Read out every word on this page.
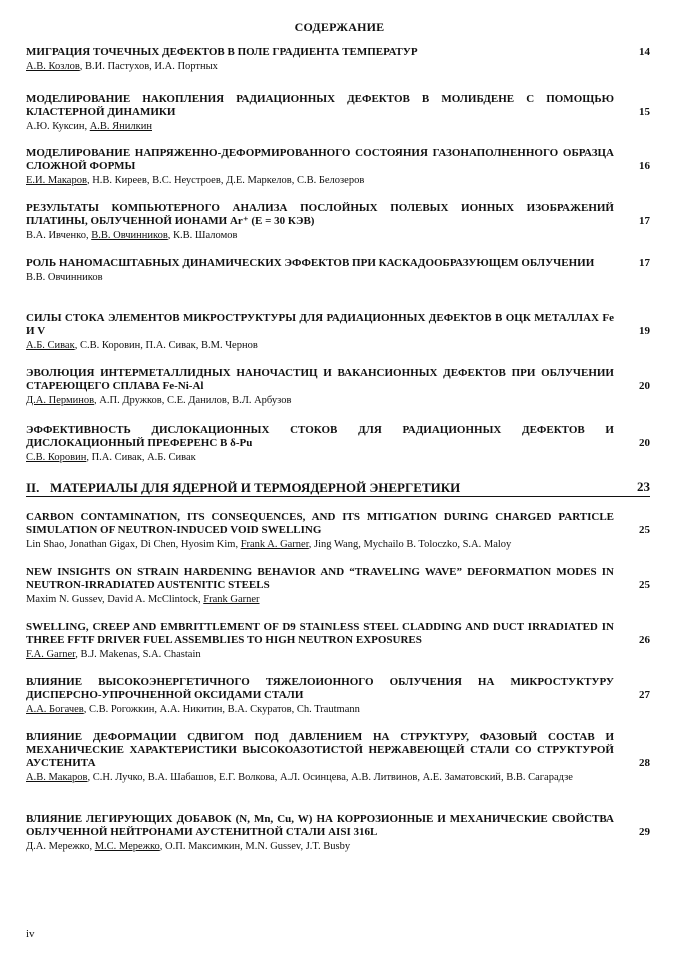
СОДЕРЖАНИЕ
МИГРАЦИЯ ТОЧЕЧНЫХ ДЕФЕКТОВ В ПОЛЕ ГРАДИЕНТА ТЕМПЕРАТУР	14
А.В. Козлов, В.И. Пастухов, И.А. Портных
МОДЕЛИРОВАНИЕ НАКОПЛЕНИЯ РАДИАЦИОННЫХ ДЕФЕКТОВ В МОЛИБДЕНЕ С ПОМОЩЬЮ КЛАСТЕРНОЙ ДИНАМИКИ	15
А.Ю. Куксин, А.В. Янилкин
МОДЕЛИРОВАНИЕ НАПРЯЖЕННО-ДЕФОРМИРОВАННОГО СОСТОЯНИЯ ГАЗОНАПОЛНЕННОГО ОБРАЗЦА СЛОЖНОЙ ФОРМЫ	16
Е.И. Макаров, Н.В. Киреев, В.С. Неустроев, Д.Е. Маркелов, С.В. Белозеров
РЕЗУЛЬТАТЫ КОМПЬЮТЕРНОГО АНАЛИЗА ПОСЛОЙНЫХ ПОЛЕВЫХ ИОННЫХ ИЗОБРАЖЕНИЙ ПЛАТИНЫ, ОБЛУЧЕННОЙ ИОНАМИ Ar⁺ (E = 30 КЭВ)	17
В.А. Ивченко, В.В. Овчинников, К.В. Шаломов
РОЛЬ НАНОМАСШТАБНЫХ ДИНАМИЧЕСКИХ ЭФФЕКТОВ ПРИ КАСКАДООБРАЗУЮЩЕМ ОБЛУЧЕНИИ	17
В.В. Овчинников
СИЛЫ СТОКА ЭЛЕМЕНТОВ МИКРОСТРУКТУРЫ ДЛЯ РАДИАЦИОННЫХ ДЕФЕКТОВ В ОЦК МЕТАЛЛАХ Fe И V	19
А.Б. Сивак, С.В. Коровин, П.А. Сивак, В.М. Чернов
ЭВОЛЮЦИЯ ИНТЕРМЕТАЛЛИДНЫХ НАНОЧАСТИЦ И ВАКАНСИОННЫХ ДЕФЕКТОВ ПРИ ОБЛУЧЕНИИ СТАРЕЮЩЕГО СПЛАВА Fe-Ni-Al	20
Д.А. Перминов, А.П. Дружков, С.Е. Данилов, В.Л. Арбузов
ЭФФЕКТИВНОСТЬ ДИСЛОКАЦИОННЫХ СТОКОВ ДЛЯ РАДИАЦИОННЫХ ДЕФЕКТОВ И ДИСЛОКАЦИОННЫЙ ПРЕФЕРЕНС В δ-Pu	20
С.В. Коровин, П.А. Сивак, А.Б. Сивак
II. МАТЕРИАЛЫ ДЛЯ ЯДЕРНОЙ И ТЕРМОЯДЕРНОЙ ЭНЕРГЕТИКИ	23
CARBON CONTAMINATION, ITS CONSEQUENCES, AND ITS MITIGATION DURING CHARGED PARTICLE SIMULATION OF NEUTRON-INDUCED VOID SWELLING	25
Lin Shao, Jonathan Gigax, Di Chen, Hyosim Kim, Frank A. Garner, Jing Wang, Mychailo B. Toloczko, S.A. Maloy
NEW INSIGHTS ON STRAIN HARDENING BEHAVIOR AND “TRAVELING WAVE” DEFORMATION MODES IN NEUTRON-IRRADIATED AUSTENITIC STEELS	25
Maxim N. Gussev, David A. McClintock, Frank Garner
SWELLING, CREEP AND EMBRITTLEMENT OF D9 STAINLESS STEEL CLADDING AND DUCT IRRADIATED IN THREE FFTF DRIVER FUEL ASSEMBLIES TO HIGH NEUTRON EXPOSURES	26
F.A. Garner, B.J. Makenas, S.A. Chastain
ВЛИЯНИЕ ВЫСОКОЭНЕРГЕТИЧНОГО ТЯЖЕЛОИОННОГО ОБЛУЧЕНИЯ НА МИКРОСТУКТУРУ ДИСПЕРСНО-УПРОЧНЕННОЙ ОКСИДАМИ СТАЛИ	27
А.А. Богачев, С.В. Рогожкин, А.А. Никитин, В.А. Скуратов, Ch. Trautmann
ВЛИЯНИЕ ДЕФОРМАЦИИ СДВИГОМ ПОД ДАВЛЕНИЕМ НА СТРУКТУРУ, ФАЗОВЫЙ СОСТАВ И МЕХАНИЧЕСКИЕ ХАРАКТЕРИСТИКИ ВЫСОКОАЗОТИСТОЙ НЕРЖАВЕЮЩЕЙ СТАЛИ СО СТРУКТУРОЙ АУСТЕНИТА	28
А.В. Макаров, С.Н. Лучко, В.А. Шабашов, Е.Г. Волкова, А.Л. Осинцева, А.В. Литвинов, А.Е. Заматовский, В.В. Сагарадзе
ВЛИЯНИЕ ЛЕГИРУЮЩИХ ДОБАВОК (N, Mn, Cu, W) НА КОРРОЗИОННЫЕ И МЕХАНИЧЕСКИЕ СВОЙСТВА ОБЛУЧЕННОЙ НЕЙТРОНАМИ АУСТЕНИТНОЙ СТАЛИ AISI 316L	29
Д.А. Мережко, М.С. Мережко, О.П. Максимкин, M.N. Gussev, J.T. Busby
iv
